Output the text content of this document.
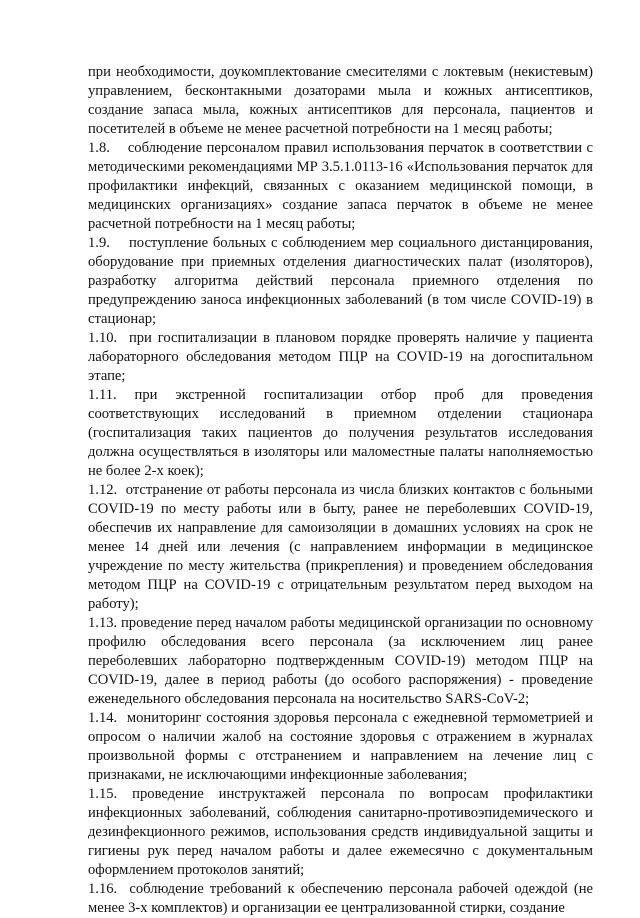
при необходимости, доукомплектование смесителями с локтевым (некистевым) управлением, бесконтакными дозаторами мыла и кожных антисептиков, создание запаса мыла, кожных антисептиков для персонала, пациентов и посетителей в объеме не менее расчетной потребности на 1 месяц работы;

1.8. соблюдение персоналом правил использования перчаток в соответствии с методическими рекомендациями МР 3.5.1.0113-16 «Использования перчаток для профилактики инфекций, связанных с оказанием медицинской помощи, в медицинских организациях» создание запаса перчаток в объеме не менее расчетной потребности на 1 месяц работы;

1.9. поступление больных с соблюдением мер социального дистанцирования, оборудование при приемных отделения диагностических палат (изоляторов), разработку алгоритма действий персонала приемного отделения по предупреждению заноса инфекционных заболеваний (в том числе COVID-19) в стационар;

1.10. при госпитализации в плановом порядке проверять наличие у пациента лабораторного обследования методом ПЦР на COVID-19 на догоспитальном этапе;

1.11. при экстренной госпитализации отбор проб для проведения соответствующих исследований в приемном отделении стационара (госпитализация таких пациентов до получения результатов исследования должна осуществляться в изоляторы или маломестные палаты наполняемостью не более 2-х коек);

1.12. отстранение от работы персонала из числа близких контактов с больными COVID-19 по месту работы или в быту, ранее не переболевших COVID-19, обеспечив их направление для самоизоляции в домашних условиях на срок не менее 14 дней или лечения (с направлением информации в медицинское учреждение по месту жительства (прикрепления) и проведением обследования методом ПЦР на COVID-19 с отрицательным результатом перед выходом на работу);

1.13. проведение перед началом работы медицинской организации по основному профилю обследования всего персонала (за исключением лиц ранее переболевших лабораторно подтвержденным COVID-19) методом ПЦР на COVID-19, далее в период работы (до особого распоряжения) - проведение еженедельного обследования персонала на носительство SARS-CoV-2;

1.14. мониторинг состояния здоровья персонала с ежедневной термометрией и опросом о наличии жалоб на состояние здоровья с отражением в журналах произвольной формы с отстранением и направлением на лечение лиц с признаками, не исключающими инфекционные заболевания;

1.15. проведение инструктажей персонала по вопросам профилактики инфекционных заболеваний, соблюдения санитарно-противоэпидемического и дезинфекционного режимов, использования средств индивидуальной защиты и гигиены рук перед началом работы и далее ежемесячно с документальным оформлением протоколов занятий;

1.16. соблюдение требований к обеспечению персонала рабочей одеждой (не менее 3-х комплектов) и организации ее централизованной стирки, создание
